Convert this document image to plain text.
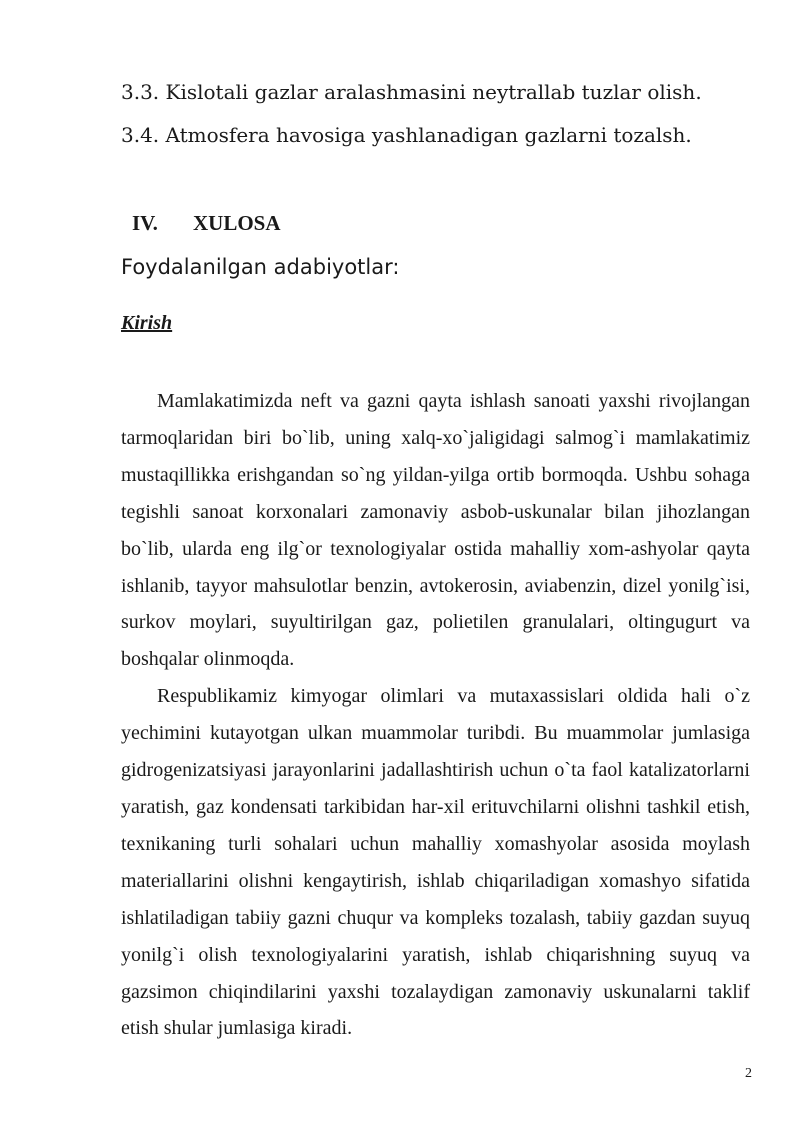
3.3. Kislotali gazlar aralashmasini neytrallab tuzlar olish.
3.4. Atmosfera havosiga yashlanadigan gazlarni tozalsh.
IV. XULOSA
Foydalanilgan adabiyotlar:
Kirish

Mamlakatimizda neft va gazni qayta ishlash sanoati yaxshi rivojlangan tarmoqlaridan biri bo`lib, uning xalq-xo`jaligidagi salmog`i mamlakatimiz mustaqillikka erishgandan so`ng yildan-yilga ortib bormoqda. Ushbu sohaga tegishli sanoat korxonalari zamonaviy asbob-uskunalar bilan jihozlangan bo`lib, ularda eng ilg`or texnologiyalar ostida mahalliy xom-ashyolar qayta ishlanib, tayyor mahsulotlar benzin, avtokerosin, aviabenzin, dizel yonilg`isi, surkov moylari, suyultirilgan gaz, polietilen granulalari, oltingugurt va boshqalar olinmoqda.

Respublikamiz kimyogar olimlari va mutaxassislari oldida hali o`z yechimini kutayotgan ulkan muammolar turibdi. Bu muammolar jumlasiga gidrogenizatsiyasi jarayonlarini jadallashtirish uchun o`ta faol katalizatorlarni yaratish, gaz kondensati tarkibidan har-xil erituvchilarni olishni tashkil etish, texnikaning turli sohalari uchun mahalliy xomashyolar asosida moylash materiallarini olishni kengaytirish, ishlab chiqariladigan xomashyo sifatida ishlatiladigan tabiiy gazni chuqur va kompleks tozalash, tabiiy gazdan suyuq yonilg`i olish texnologiyalarini yaratish, ishlab chiqarishning suyuq va gazsimon chiqindilarini yaxshi tozalaydigan zamonaviy uskunalarni taklif etish shular jumlasiga kiradi.

2
